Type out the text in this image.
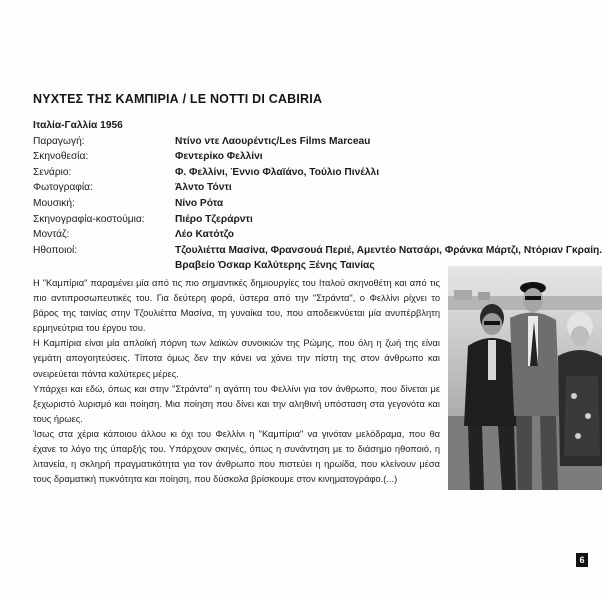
ΝΥΧΤΕΣ ΤΗΣ ΚΑΜΠΙΡΙΑ / LE NOTTI DI CABIRIA
Ιταλία-Γαλλία 1956
Παραγωγή:	Ντίνο ντε Λαουρέντις/Les Films Marceau
Σκηνοθεσία:	Φεντερίκο Φελλίνι
Σενάριο:	Φ. Φελλίνι, Έννιο Φλαϊάνο, Τούλιο Πινέλλι
Φωτογραφία:	Άλντο Τόντι
Μουσική:	Νίνο Ρότα
Σκηνογραφία-κοστούμια:	Πιέρο Τζεράρντι
Μοντάζ:	Λέο Κατότζο
Ηθοποιοί:	Τζουλιέττα Μασίνα, Φρανσουά Περιέ, Αμεντέο Νατσάρι, Φράνκα Μάρτζι, Ντόριαν Γκραίη.
Βραβείο Όσκαρ Καλύτερης Ξένης Ταινίας

Η "Καμπίρια" παραμένει μία από τις πιο σημαντικές δημιουργίες του Ιταλού σκηνοθέτη και από τις πιο αντιπροσωπευτικές του. Για δεύτερη φορά, ύστερα από την "Στράντα", ο Φελλίνι ρίχνει το βάρος της ταινίας στην Τζουλιέττα Μασίνα, τη γυναίκα του, που αποδεικνύεται μία ανυπέρβλητη ερμηνεύτρια του έργου του.

Η Καμπίρια είναι μία απλοϊκή πόρνη των λαϊκών συνοικιών της Ρώμης, που όλη η ζωή της είναι γεμάτη απογοητεύσεις. Τίποτα όμως δεν την κάνει να χάνει την πίστη της στον άνθρωπο και ονειρεύεται πάντα καλύτερες μέρες.

Υπάρχει και εδώ, όπως και στην "Στράντα" η αγάπη του Φελλίνι για τον άνθρωπο, που δίνεται με ξεχωριστό λυρισμό και ποίηση. Μια ποίηση που δίνει και την αληθινή υπόσταση στα γεγονότα και τους ήρωες.

Ίσως στα χέρια κάποιου άλλου κι όχι του Φελλίνι η "Καμπίρια" να γινόταν μελόδραμα, που θα έχανε το λόγο της ύπαρξής του. Υπάρχουν σκηνές, όπως η συνάντηση με το διάσημο ηθοποιό, η λιτανεία, η σκληρή πραγματικότητα για τον άνθρωπο που πιστεύει η ηρωίδα, που κλείνουν μέσα τους δραματική πυκνότητα και ποίηση, που δύσκολα βρίσκουμε στον κινηματογράφο.(...)

6
